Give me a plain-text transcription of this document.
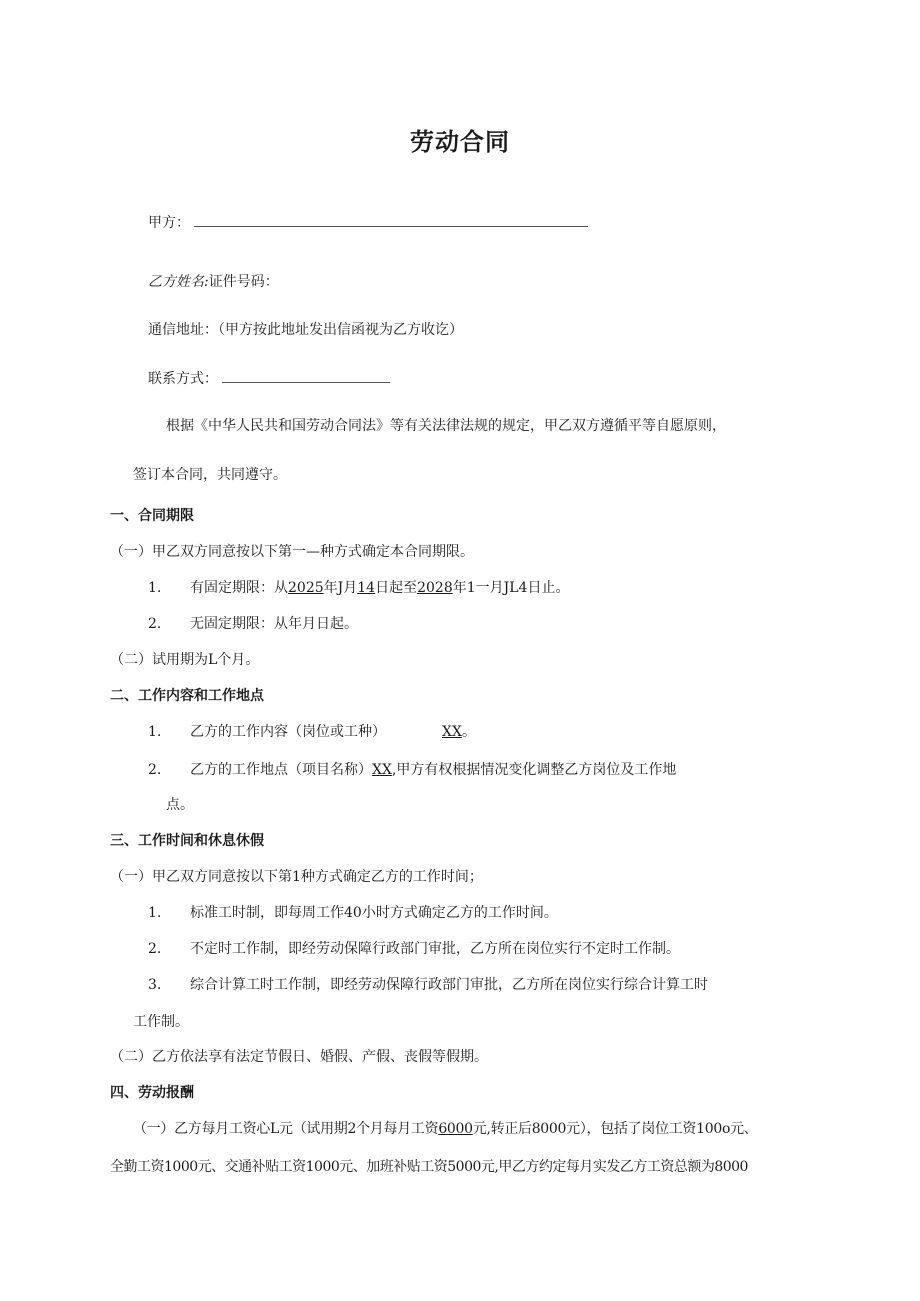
劳动合同
甲方：
乙方姓名:证件号码：
通信地址：（甲方按此地址发出信函视为乙方收讫）
联系方式：
根据《中华人民共和国劳动合同法》等有关法律法规的规定，甲乙双方遵循平等自愿原则，
签订本合同，共同遵守。
一、合同期限
（一）甲乙双方同意按以下第一—种方式确定本合同期限。
1. 有固定期限：从2025年J月14日起至2028年1一月JL4日止。
2. 无固定期限：从年月日起。
（二）试用期为L个月。
二、工作内容和工作地点
1. 乙方的工作内容（岗位或工种）	XX。
2. 乙方的工作地点（项目名称）XX,甲方有权根据情况变化调整乙方岗位及工作地
点。
三、工作时间和休息休假
（一）甲乙双方同意按以下第1种方式确定乙方的工作时间；
1. 标准工时制，即每周工作40小时方式确定乙方的工作时间。
2. 不定时工作制，即经劳动保障行政部门审批，乙方所在岗位实行不定时工作制。
3. 综合计算工时工作制，即经劳动保障行政部门审批，乙方所在岗位实行综合计算工时
工作制。
（二）乙方依法享有法定节假日、婚假、产假、丧假等假期。
四、劳动报酬
（一）乙方每月工资心L元（试用期2个月每月工资6000元,转正后8000元），包括了岗位工资100o元、
全勤工资1000元、交通补贴工资1000元、加班补贴工资5000元,甲乙方约定每月实发乙方工资总额为8000
